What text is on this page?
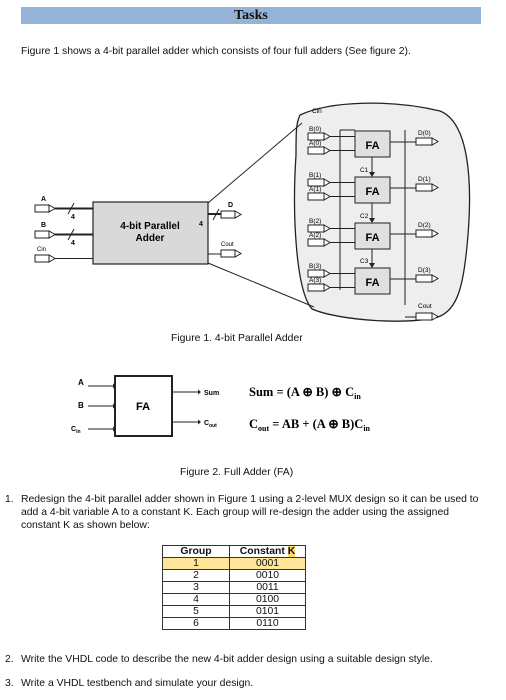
Tasks
Figure 1 shows a 4-bit parallel adder which consists of four full adders (See figure 2).
4-bit Parallel
Adder
A
4
B
4
Cin
D
4
Cout
Cin
B(0)
A(0)	FA
D(0)
C1
B(1)
A(1)	FA
D(1)
C2
B(2)
A(2)	FA
D(2)
C3
B(3)
A(3)	FA
D(3)
Cout
Figure 1. 4-bit Parallel Adder
FA
A
B
$C_{in}$
Sum
$C_{out}$
Sum = (A ⊕ B) ⊕ $C_{in}$
$C_{out}$ = AB + (A ⊕ $B)C_{in}$
Figure 2. Full Adder (FA)
1. Redesign the 4-bit parallel adder shown in Figure 1 using a 2-level MUX design so it can be used to add a 4-bit variable A to a constant K. Each group will re-design the adder using the assigned constant K as shown below:
Group	Constant K
1	0001
2	0010
3	0011
4	0100
5	0101
6	0110
2. Write the VHDL code to describe the new 4-bit adder design using a suitable design style.
3. Write a VHDL testbench and simulate your design.
